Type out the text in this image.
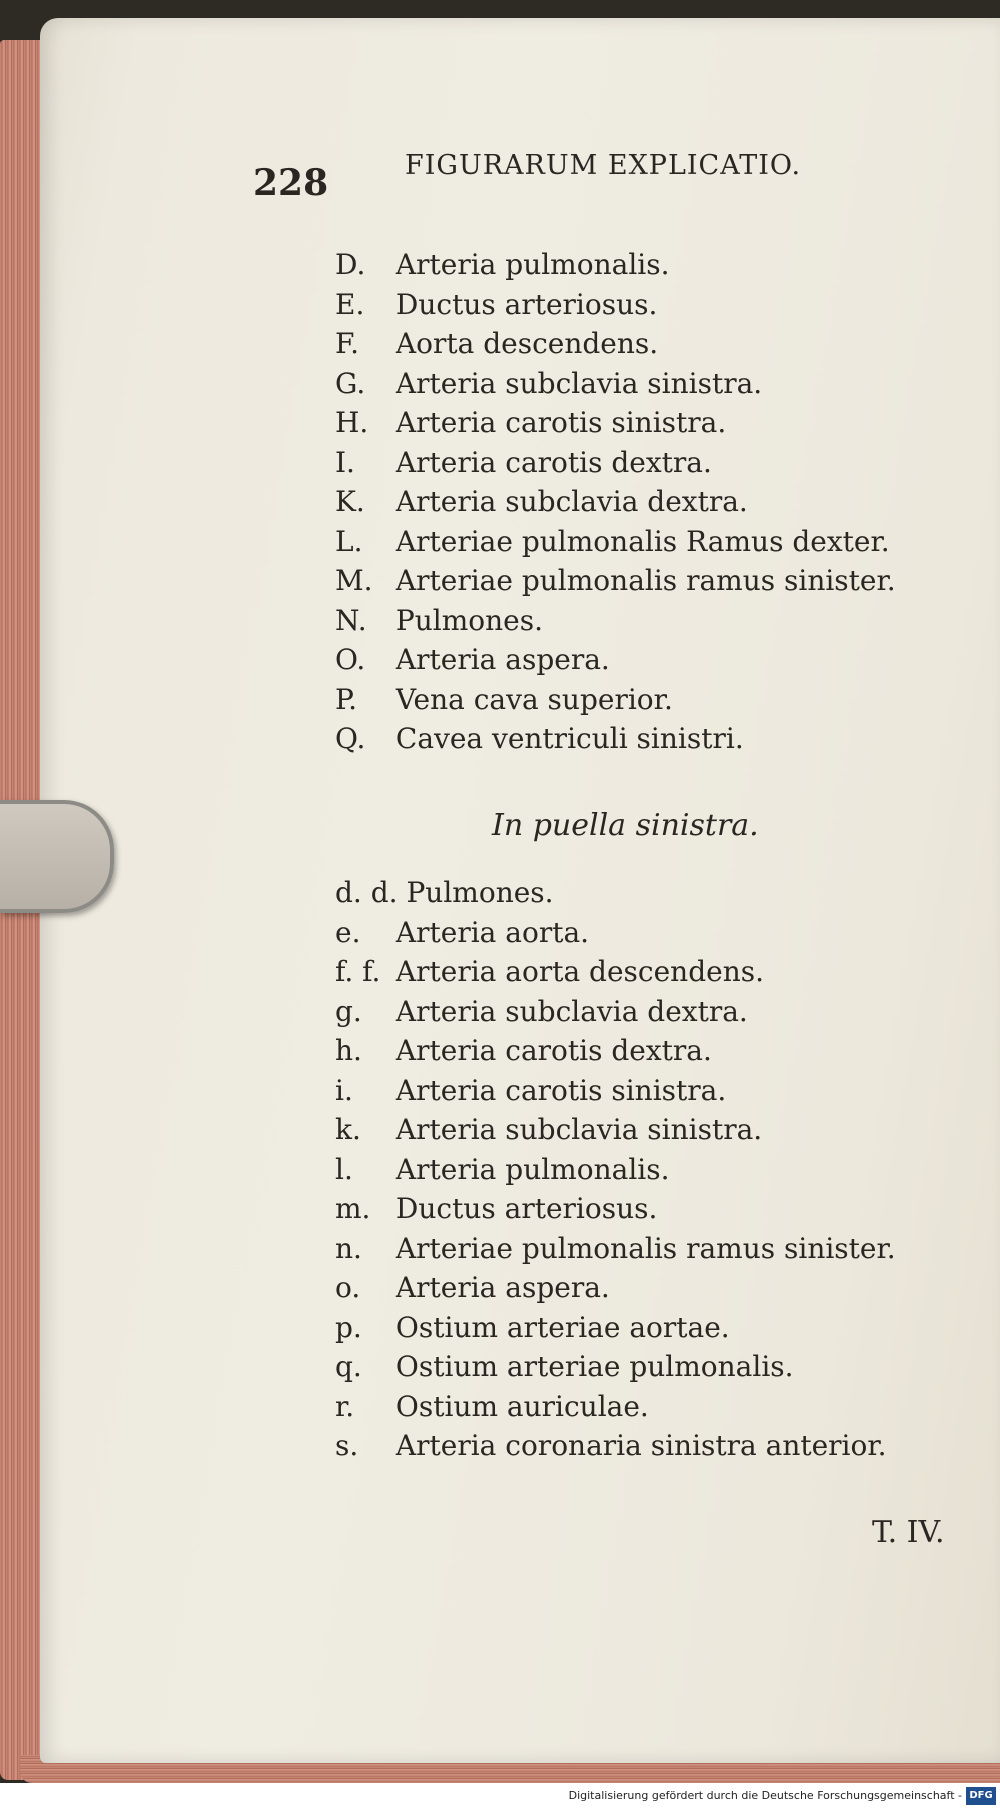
228	FIGURARUM EXPLICATIO.
D. Arteria pulmonalis.
E. Ductus arteriosus.
F. Aorta descendens.
G. Arteria subclavia sinistra.
H. Arteria carotis sinistra.
I. Arteria carotis dextra.
K. Arteria subclavia dextra.
L. Arteriae pulmonalis Ramus dexter.
M. Arteriae pulmonalis ramus sinister.
N. Pulmones.
O. Arteria aspera.
P. Vena cava superior.
Q. Cavea ventriculi sinistri.
In puella sinistra.
d. d. Pulmones.
e. Arteria aorta.
f. f. Arteria aorta descendens.
g. Arteria subclavia dextra.
h. Arteria carotis dextra.
i. Arteria carotis sinistra.
k. Arteria subclavia sinistra.
l. Arteria pulmonalis.
m. Ductus arteriosus.
n. Arteriae pulmonalis ramus sinister.
o. Arteria aspera.
p. Ostium arteriae aortae.
q. Ostium arteriae pulmonalis.
r. Ostium auriculae.
s. Arteria coronaria sinistra anterior.
T. IV.
Digitalisierung gefördert durch die Deutsche Forschungsgemeinschaft - DFG
